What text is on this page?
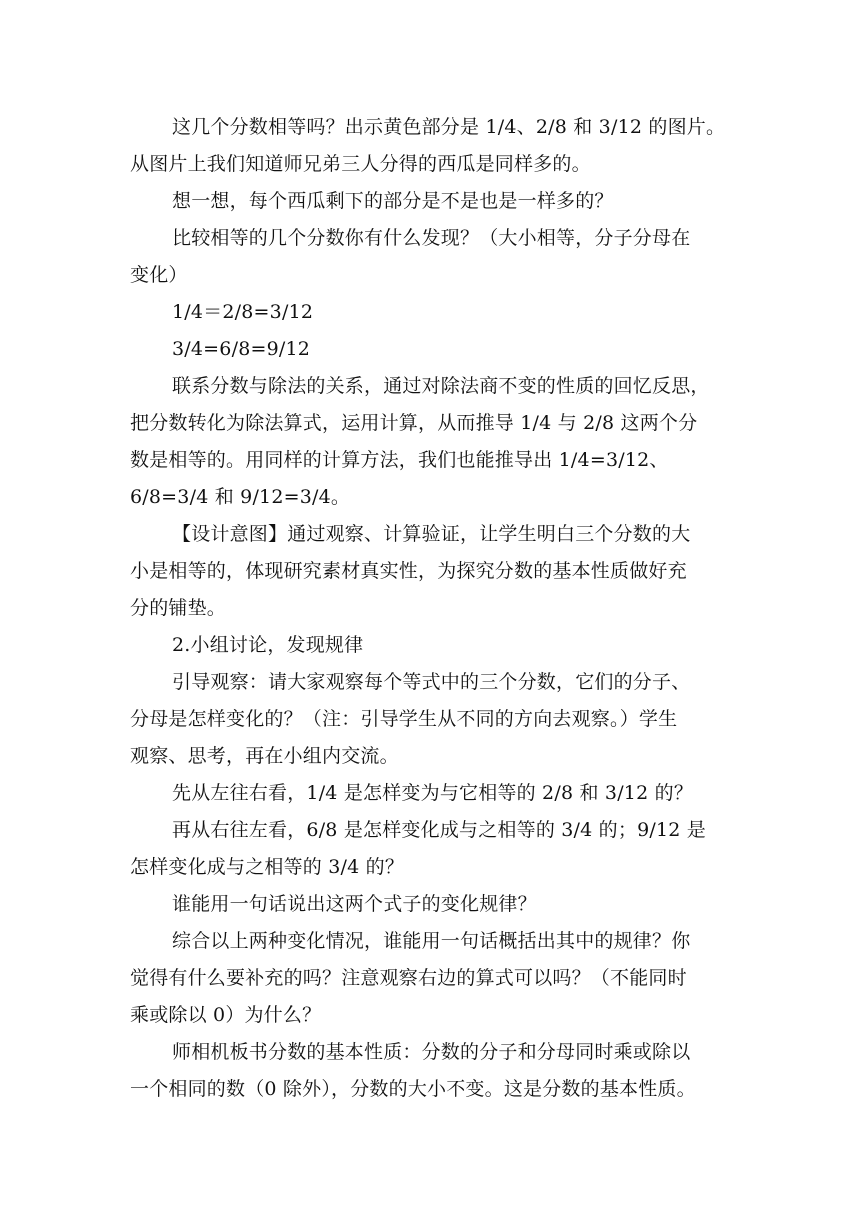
这几个分数相等吗？出示黄色部分是 1/4、2/8 和 3/12 的图片。
从图片上我们知道师兄弟三人分得的西瓜是同样多的。
想一想，每个西瓜剩下的部分是不是也是一样多的？
比较相等的几个分数你有什么发现？（大小相等，分子分母在
变化）
1/4＝2/8=3/12
3/4=6/8=9/12
联系分数与除法的关系，通过对除法商不变的性质的回忆反思，
把分数转化为除法算式，运用计算，从而推导 1/4 与 2/8 这两个分
数是相等的。用同样的计算方法，我们也能推导出 1/4=3/12、
6/8=3/4 和 9/12=3/4。
【设计意图】通过观察、计算验证，让学生明白三个分数的大
小是相等的，体现研究素材真实性，为探究分数的基本性质做好充
分的铺垫。
2.小组讨论，发现规律
引导观察：请大家观察每个等式中的三个分数，它们的分子、
分母是怎样变化的？（注：引导学生从不同的方向去观察。）学生
观察、思考，再在小组内交流。
先从左往右看，1/4 是怎样变为与它相等的 2/8 和 3/12 的？
再从右往左看，6/8 是怎样变化成与之相等的 3/4 的；9/12 是
怎样变化成与之相等的 3/4 的？
谁能用一句话说出这两个式子的变化规律？
综合以上两种变化情况，谁能用一句话概括出其中的规律？你
觉得有什么要补充的吗？注意观察右边的算式可以吗？（不能同时
乘或除以 0）为什么？
师相机板书分数的基本性质：分数的分子和分母同时乘或除以
一个相同的数（0 除外），分数的大小不变。这是分数的基本性质。
